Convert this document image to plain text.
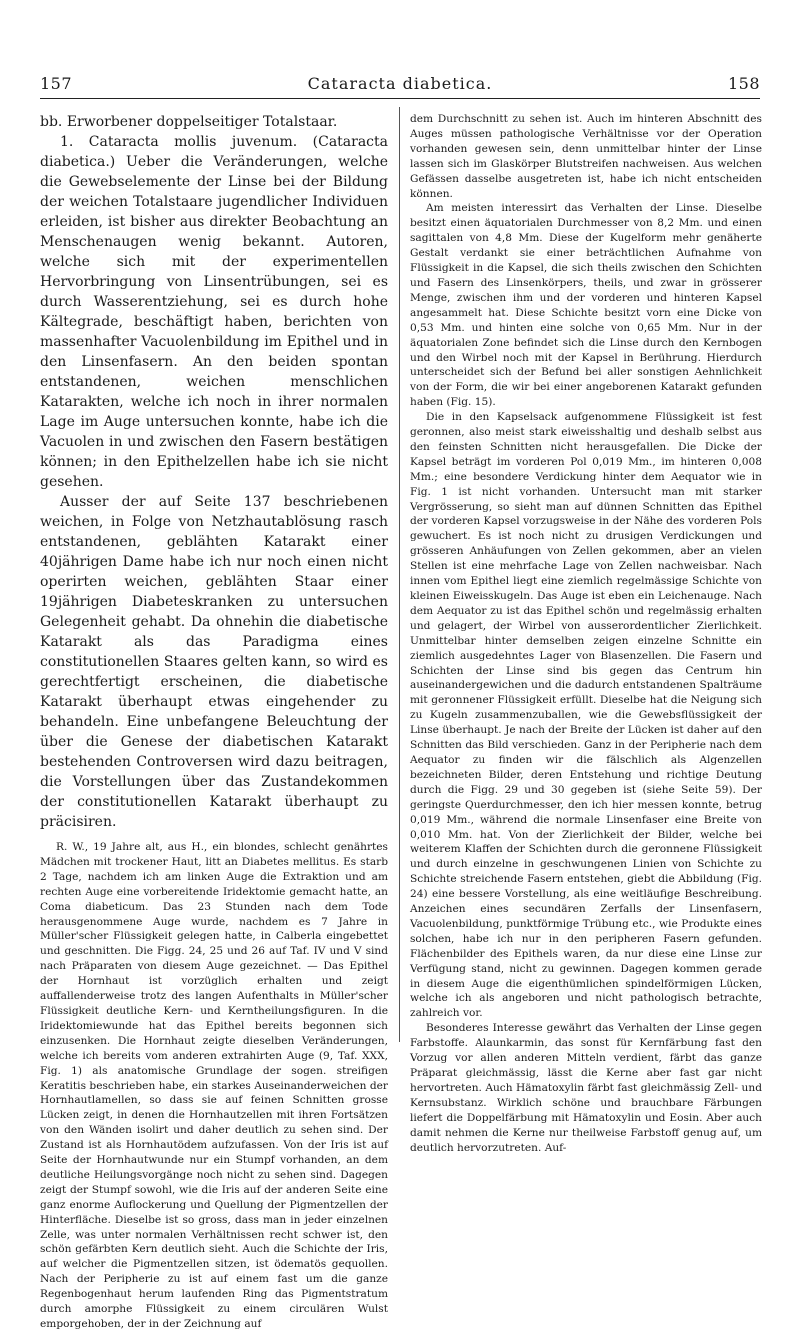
157	Cataracta diabetica.	158

bb. Erworbener doppelseitiger Totalstaar.

1. Cataracta mollis juvenum. (Cataracta diabetica.) Ueber die Veränderungen, welche die Gewebselemente der Linse bei der Bildung der weichen Totalstaare jugendlicher Individuen erleiden, ist bisher aus direkter Beobachtung an Menschenaugen wenig bekannt. Autoren, welche sich mit der experimentellen Hervorbringung von Linsentrübungen, sei es durch Wasserentziehung, sei es durch hohe Kältegrade, beschäftigt haben, berichten von massenhafter Vacuolenbildung im Epithel und in den Linsenfasern. An den beiden spontan entstandenen, weichen menschlichen Katarakten, welche ich noch in ihrer normalen Lage im Auge untersuchen konnte, habe ich die Vacuolen in und zwischen den Fasern bestätigen können; in den Epithelzellen habe ich sie nicht gesehen.

Ausser der auf Seite 137 beschriebenen weichen, in Folge von Netzhautablösung rasch entstandenen, geblähten Katarakt einer 40jährigen Dame habe ich nur noch einen nicht operirten weichen, geblähten Staar einer 19jährigen Diabeteskranken zu untersuchen Gelegenheit gehabt. Da ohnehin die diabetische Katarakt als das Paradigma eines constitutionellen Staares gelten kann, so wird es gerechtfertigt erscheinen, die diabetische Katarakt überhaupt etwas eingehender zu behandeln. Eine unbefangene Beleuchtung der über die Genese der diabetischen Katarakt bestehenden Controversen wird dazu beitragen, die Vorstellungen über das Zustandekommen der constitutionellen Katarakt überhaupt zu präcisiren.

R. W., 19 Jahre alt, aus H., ein blondes, schlecht genährtes Mädchen mit trockener Haut, litt an Diabetes mellitus. Es starb 2 Tage, nachdem ich am linken Auge die Extraktion und am rechten Auge eine vorbereitende Iridektomie gemacht hatte, an Coma diabeticum. Das 23 Stunden nach dem Tode herausgenommene Auge wurde, nachdem es 7 Jahre in Müller'scher Flüssigkeit gelegen hatte, in Calberla eingebettet und geschnitten. Die Figg. 24, 25 und 26 auf Taf. IV und V sind nach Präparaten von diesem Auge gezeichnet. — Das Epithel der Hornhaut ist vorzüglich erhalten und zeigt auffallenderweise trotz des langen Aufenthalts in Müller'scher Flüssigkeit deutliche Kern- und Kerntheilungsfiguren. In die Iridektomiewunde hat das Epithel bereits begonnen sich einzusenken. Die Hornhaut zeigte dieselben Veränderungen, welche ich bereits vom anderen extrahirten Auge (9, Taf. XXX, Fig. 1) als anatomische Grundlage der sogen. streifigen Keratitis beschrieben habe, ein starkes Auseinanderweichen der Hornhautlamellen, so dass sie auf feinen Schnitten grosse Lücken zeigt, in denen die Hornhautzellen mit ihren Fortsätzen von den Wänden isolirt und daher deutlich zu sehen sind. Der Zustand ist als Hornhautödem aufzufassen. Von der Iris ist auf Seite der Hornhautwunde nur ein Stumpf vorhanden, an dem deutliche Heilungsvorgänge noch nicht zu sehen sind. Dagegen zeigt der Stumpf sowohl, wie die Iris auf der anderen Seite eine ganz enorme Auflockerung und Quellung der Pigmentzellen der Hinterfläche. Dieselbe ist so gross, dass man in jeder einzelnen Zelle, was unter normalen Verhältnissen recht schwer ist, den schön gefärbten Kern deutlich sieht. Auch die Schichte der Iris, auf welcher die Pigmentzellen sitzen, ist ödematös gequollen. Nach der Peripherie zu ist auf einem fast um die ganze Regenbogenhaut herum laufenden Ring das Pigmentstratum durch amorphe Flüssigkeit zu einem circulären Wulst emporgehoben, der in der Zeichnung auf

dem Durchschnitt zu sehen ist. Auch im hinteren Abschnitt des Auges müssen pathologische Verhältnisse vor der Operation vorhanden gewesen sein, denn unmittelbar hinter der Linse lassen sich im Glaskörper Blutstreifen nachweisen. Aus welchen Gefässen dasselbe ausgetreten ist, habe ich nicht entscheiden können.

Am meisten interessirt das Verhalten der Linse. Dieselbe besitzt einen äquatorialen Durchmesser von 8,2 Mm. und einen sagittalen von 4,8 Mm. Diese der Kugelform mehr genäherte Gestalt verdankt sie einer beträchtlichen Aufnahme von Flüssigkeit in die Kapsel, die sich theils zwischen den Schichten und Fasern des Linsenkörpers, theils, und zwar in grösserer Menge, zwischen ihm und der vorderen und hinteren Kapsel angesammelt hat. Diese Schichte besitzt vorn eine Dicke von 0,53 Mm. und hinten eine solche von 0,65 Mm. Nur in der äquatorialen Zone befindet sich die Linse durch den Kernbogen und den Wirbel noch mit der Kapsel in Berührung. Hierdurch unterscheidet sich der Befund bei aller sonstigen Aehnlichkeit von der Form, die wir bei einer angeborenen Katarakt gefunden haben (Fig. 15).

Die in den Kapselsack aufgenommene Flüssigkeit ist fest geronnen, also meist stark eiweisshaltig und deshalb selbst aus den feinsten Schnitten nicht herausgefallen. Die Dicke der Kapsel beträgt im vorderen Pol 0,019 Mm., im hinteren 0,008 Mm.; eine besondere Verdickung hinter dem Aequator wie in Fig. 1 ist nicht vorhanden. Untersucht man mit starker Vergrösserung, so sieht man auf dünnen Schnitten das Epithel der vorderen Kapsel vorzugsweise in der Nähe des vorderen Pols gewuchert. Es ist noch nicht zu drusigen Verdickungen und grösseren Anhäufungen von Zellen gekommen, aber an vielen Stellen ist eine mehrfache Lage von Zellen nachweisbar. Nach innen vom Epithel liegt eine ziemlich regelmässige Schichte von kleinen Eiweisskugeln. Das Auge ist eben ein Leichenauge. Nach dem Aequator zu ist das Epithel schön und regelmässig erhalten und gelagert, der Wirbel von ausserordentlicher Zierlichkeit. Unmittelbar hinter demselben zeigen einzelne Schnitte ein ziemlich ausgedehntes Lager von Blasenzellen. Die Fasern und Schichten der Linse sind bis gegen das Centrum hin auseinandergewichen und die dadurch entstandenen Spalträume mit geronnener Flüssigkeit erfüllt. Dieselbe hat die Neigung sich zu Kugeln zusammenzuballen, wie die Gewebsflüssigkeit der Linse überhaupt. Je nach der Breite der Lücken ist daher auf den Schnitten das Bild verschieden. Ganz in der Peripherie nach dem Aequator zu finden wir die fälschlich als Algenzellen bezeichneten Bilder, deren Entstehung und richtige Deutung durch die Figg. 29 und 30 gegeben ist (siehe Seite 59). Der geringste Querdurchmesser, den ich hier messen konnte, betrug 0,019 Mm., während die normale Linsenfaser eine Breite von 0,010 Mm. hat. Von der Zierlichkeit der Bilder, welche bei weiterem Klaffen der Schichten durch die geronnene Flüssigkeit und durch einzelne in geschwungenen Linien von Schichte zu Schichte streichende Fasern entstehen, giebt die Abbildung (Fig. 24) eine bessere Vorstellung, als eine weitläufige Beschreibung. Anzeichen eines secundären Zerfalls der Linsenfasern, Vacuolenbildung, punktförmige Trübung etc., wie Produkte eines solchen, habe ich nur in den peripheren Fasern gefunden. Flächenbilder des Epithels waren, da nur diese eine Linse zur Verfügung stand, nicht zu gewinnen. Dagegen kommen gerade in diesem Auge die eigenthümlichen spindelförmigen Lücken, welche ich als angeboren und nicht pathologisch betrachte, zahlreich vor.

Besonderes Interesse gewährt das Verhalten der Linse gegen Farbstoffe. Alaunkarmin, das sonst für Kernfärbung fast den Vorzug vor allen anderen Mitteln verdient, färbt das ganze Präparat gleichmässig, lässt die Kerne aber fast gar nicht hervortreten. Auch Hämatoxylin färbt fast gleichmässig Zell- und Kernsubstanz. Wirklich schöne und brauchbare Färbungen liefert die Doppelfärbung mit Hämatoxylin und Eosin. Aber auch damit nehmen die Kerne nur theilweise Farbstoff genug auf, um deutlich hervorzutreten. Auf-
